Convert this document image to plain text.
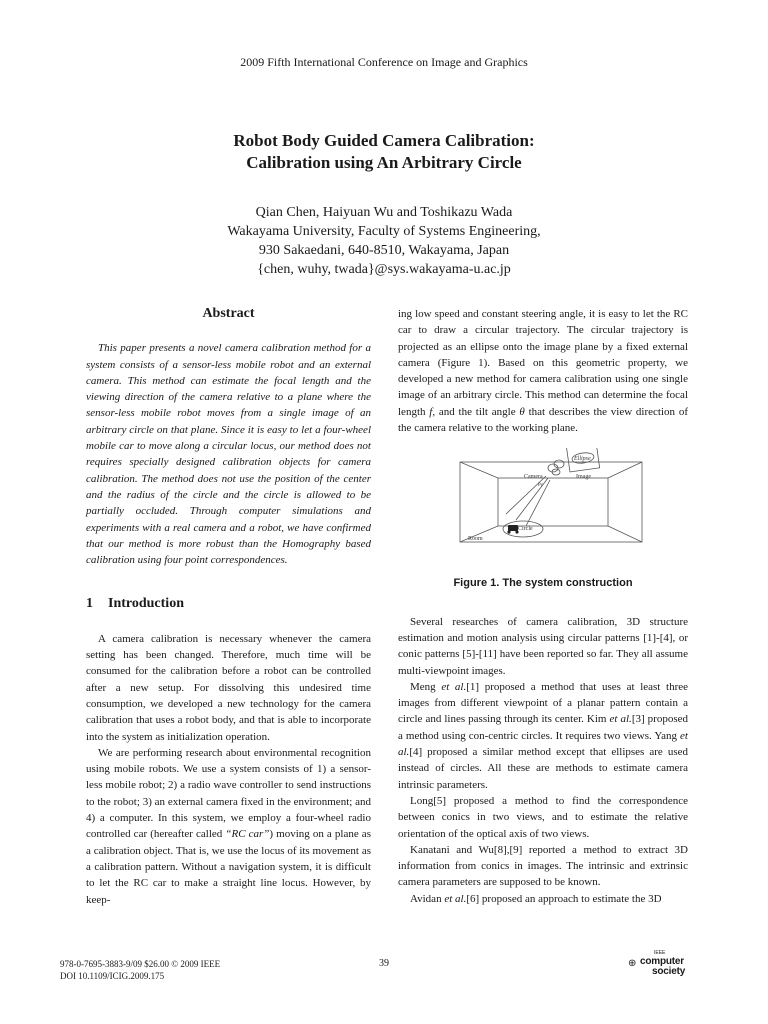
2009 Fifth International Conference on Image and Graphics
Robot Body Guided Camera Calibration:
Calibration using An Arbitrary Circle
Qian Chen, Haiyuan Wu and Toshikazu Wada
Wakayama University, Faculty of Systems Engineering,
930 Sakaedani, 640-8510, Wakayama, Japan
{chen, wuhy, twada}@sys.wakayama-u.ac.jp
Abstract

This paper presents a novel camera calibration method for a system consists of a sensor-less mobile robot and an external camera. This method can estimate the focal length and the viewing direction of the camera relative to a plane where the sensor-less mobile robot moves from a single image of an arbitrary circle on that plane. Since it is easy to let a four-wheel mobile car to move along a circular locus, our method does not requires specially designed calibration objects for camera calibration. The method does not use the position of the center and the radius of the circle and the circle is allowed to be partially occluded. Through computer simulations and experiments with a real camera and a robot, we have confirmed that our method is more robust than the Homography based calibration using four point correspondences.

1 Introduction

A camera calibration is necessary whenever the camera setting has been changed. Therefore, much time will be consumed for the calibration before a robot can be controlled after a new setup. For dissolving this undesired time consumption, we developed a new technology for the camera calibration that uses a robot body, and that is able to incorporate into the system as initialization operation.

We are performing research about environmental recognition using mobile robots. We use a system consists of 1) a sensor-less mobile robot; 2) a radio wave controller to send instructions to the robot; 3) an external camera fixed in the environment; and 4) a computer. In this system, we employ a four-wheel radio controlled car (hereafter called “RC car”) moving on a plane as a calibration object. That is, we use the locus of its movement as a calibration pattern. Without a navigation system, it is difficult to let the RC car to make a straight line locus. However, by keep-

ing low speed and constant steering angle, it is easy to let the RC car to draw a circular trajectory. The circular trajectory is projected as an ellipse onto the image plane by a fixed external camera (Figure 1). Based on this geometric property, we developed a new method for camera calibration using one single image of an arbitrary circle. This method can determine the focal length f, and the tilt angle θ that describes the view direction of the camera relative to the working plane.

Ellipse
Image
Camera
Pc
Circle
Room
Figure 1. The system construction

Several researches of camera calibration, 3D structure estimation and motion analysis using circular patterns [1]-[4], or conic patterns [5]-[11] have been reported so far. They all assume multi-viewpoint images.

Meng et al.[1] proposed a method that uses at least three images from different viewpoint of a planar pattern contain a circle and lines passing through its center. Kim et al.[3] proposed a method using con-centric circles. It requires two views. Yang et al.[4] proposed a similar method except that ellipses are used instead of circles. All these are methods to estimate camera intrinsic parameters.

Long[5] proposed a method to find the correspondence between conics in two views, and to estimate the relative orientation of the optical axis of two views.

Kanatani and Wu[8],[9] reported a method to extract 3D information from conics in images. The intrinsic and extrinsic camera parameters are supposed to be known.

Avidan et al.[6] proposed an approach to estimate the 3D

978-0-7695-3883-9/09 $26.00 © 2009 IEEE
DOI 10.1109/ICIG.2009.175
39
IEEE
⊕ computer
society
